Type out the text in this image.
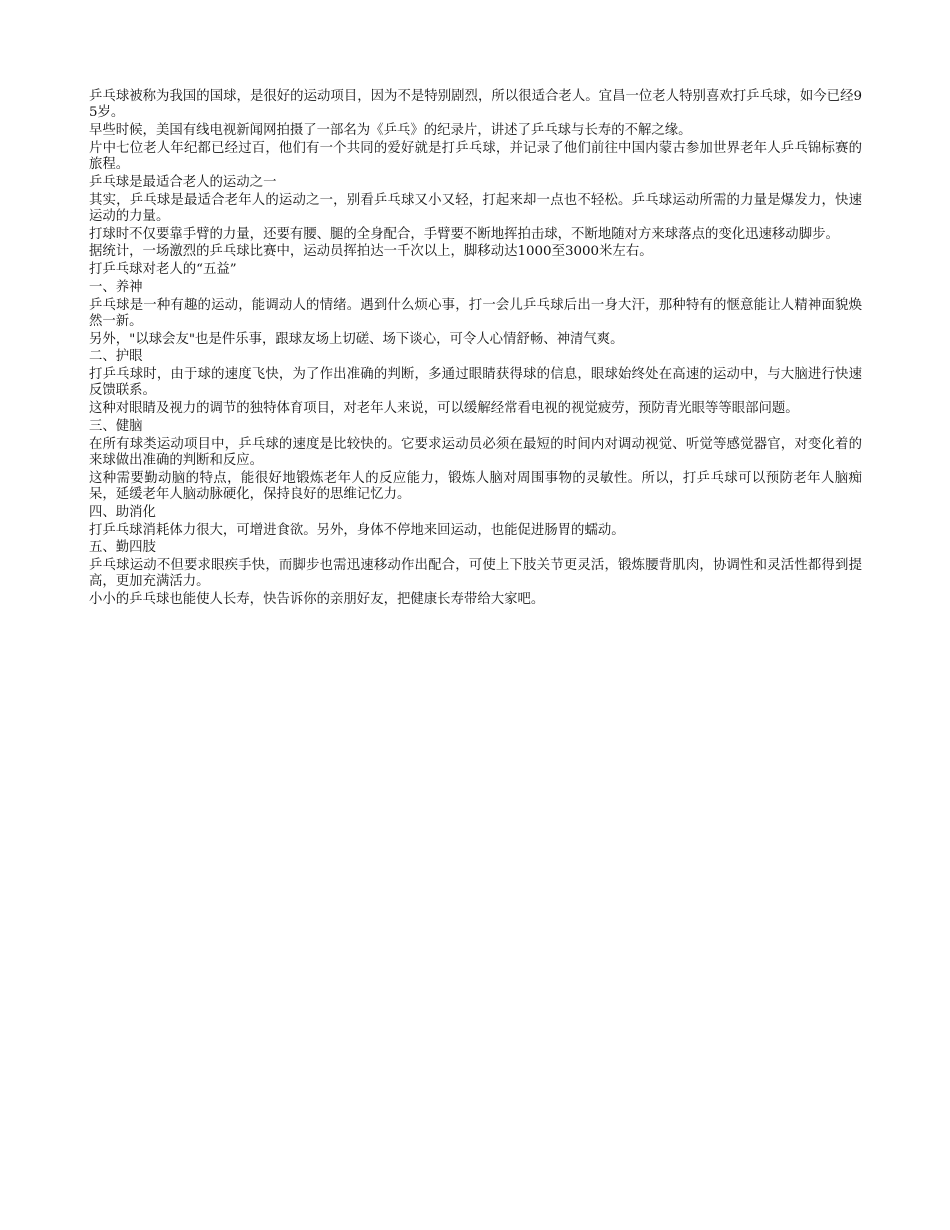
乒乓球被称为我国的国球，是很好的运动项目，因为不是特别剧烈，所以很适合老人。宜昌一位老人特别喜欢打乒乓球，如今已经95岁。

早些时候，美国有线电视新闻网拍摄了一部名为《乒乓》的纪录片，讲述了乒乓球与长寿的不解之缘。

片中七位老人年纪都已经过百，他们有一个共同的爱好就是打乒乓球，并记录了他们前往中国内蒙古参加世界老年人乒乓锦标赛的旅程。

乒乓球是最适合老人的运动之一

其实，乒乓球是最适合老年人的运动之一，别看乒乓球又小又轻，打起来却一点也不轻松。乒乓球运动所需的力量是爆发力，快速运动的力量。

打球时不仅要靠手臂的力量，还要有腰、腿的全身配合，手臂要不断地挥拍击球，不断地随对方来球落点的变化迅速移动脚步。

据统计，一场激烈的乒乓球比赛中，运动员挥拍达一千次以上，脚移动达1000至3000米左右。

打乒乓球对老人的“五益”

一、养神

乒乓球是一种有趣的运动，能调动人的情绪。遇到什么烦心事，打一会儿乒乓球后出一身大汗，那种特有的惬意能让人精神面貌焕然一新。

另外，"以球会友"也是件乐事，跟球友场上切磋、场下谈心，可令人心情舒畅、神清气爽。

二、护眼

打乒乓球时，由于球的速度飞快，为了作出准确的判断，多通过眼睛获得球的信息，眼球始终处在高速的运动中，与大脑进行快速反馈联系。

这种对眼睛及视力的调节的独特体育项目，对老年人来说，可以缓解经常看电视的视觉疲劳，预防青光眼等等眼部问题。

三、健脑

在所有球类运动项目中，乒乓球的速度是比较快的。它要求运动员必须在最短的时间内对调动视觉、听觉等感觉器官，对变化着的来球做出准确的判断和反应。

这种需要勤动脑的特点，能很好地锻炼老年人的反应能力，锻炼人脑对周围事物的灵敏性。所以，打乒乓球可以预防老年人脑痴呆，延缓老年人脑动脉硬化，保持良好的思维记忆力。

四、助消化

打乒乓球消耗体力很大，可增进食欲。另外，身体不停地来回运动，也能促进肠胃的蠕动。

五、勤四肢

乒乓球运动不但要求眼疾手快，而脚步也需迅速移动作出配合，可使上下肢关节更灵活，锻炼腰背肌肉，协调性和灵活性都得到提高，更加充满活力。

小小的乒乓球也能使人长寿，快告诉你的亲朋好友，把健康长寿带给大家吧。
